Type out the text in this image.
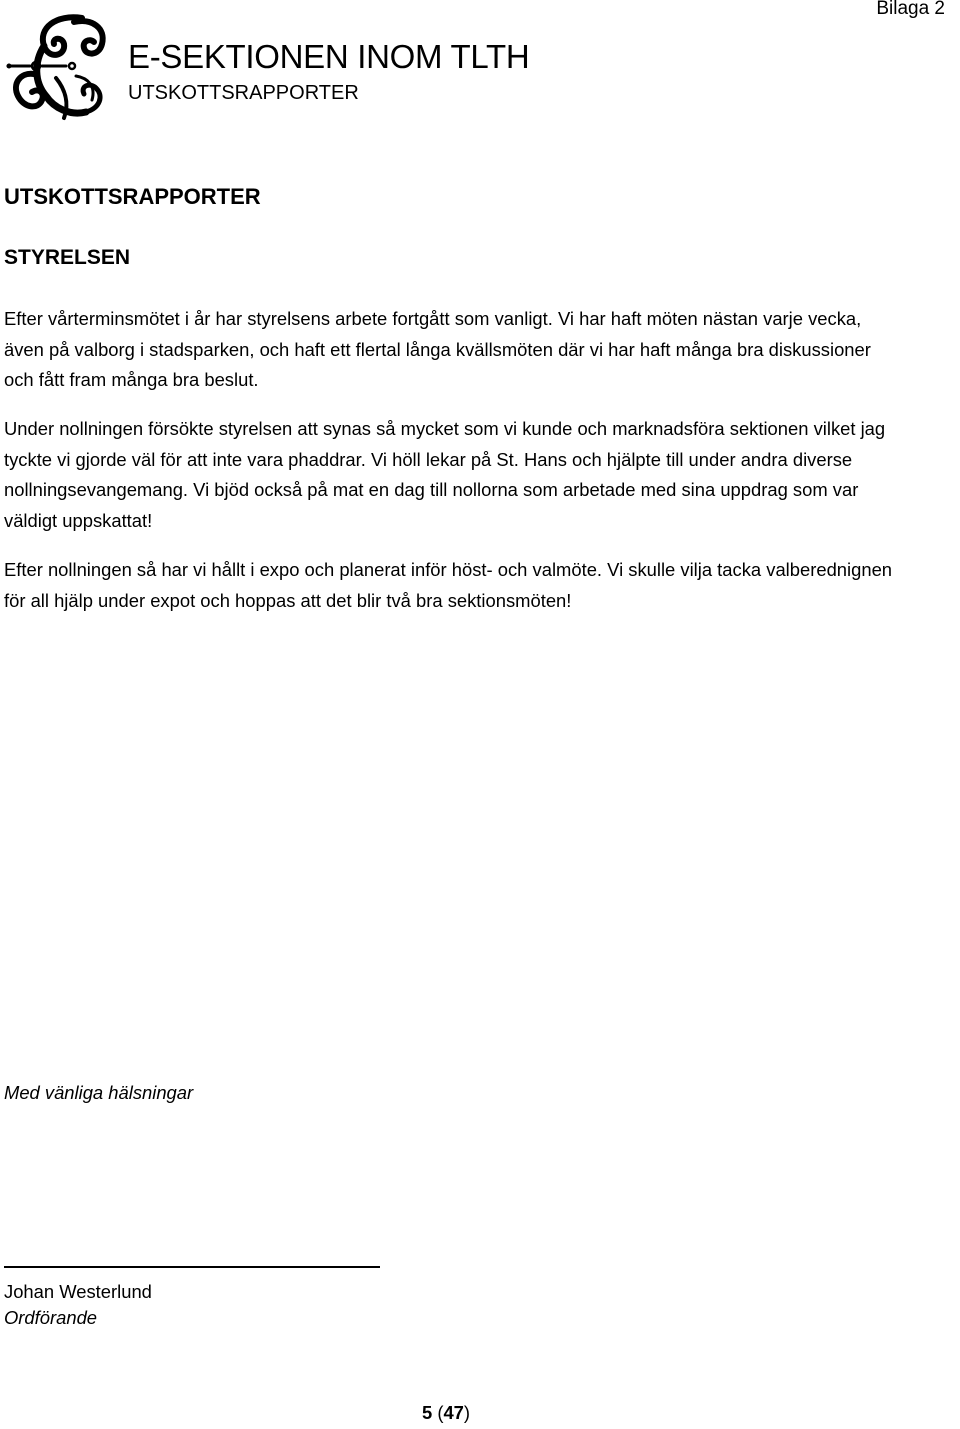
Bilaga 2
E-SEKTIONEN INOM TLTH
UTSKOTTSRAPPORTER
UTSKOTTSRAPPORTER
STYRELSEN

Efter vårterminsmötet i år har styrelsens arbete fortgått som vanligt. Vi har haft möten nästan varje vecka, även på valborg i stadsparken, och haft ett flertal långa kvällsmöten där vi har haft många bra diskussioner och fått fram många bra beslut.

Under nollningen försökte styrelsen att synas så mycket som vi kunde och marknadsföra sektionen vilket jag tyckte vi gjorde väl för att inte vara phaddrar. Vi höll lekar på St. Hans och hjälpte till under andra diverse nollningsevangemang. Vi bjöd också på mat en dag till nollorna som arbetade med sina uppdrag som var väldigt uppskattat!

Efter nollningen så har vi hållt i expo och planerat inför höst- och valmöte. Vi skulle vilja tacka valberednignen för all hjälp under expot och hoppas att det blir två bra sektionsmöten!

Med vänliga hälsningar
Johan Westerlund
Ordförande
5 (47)
